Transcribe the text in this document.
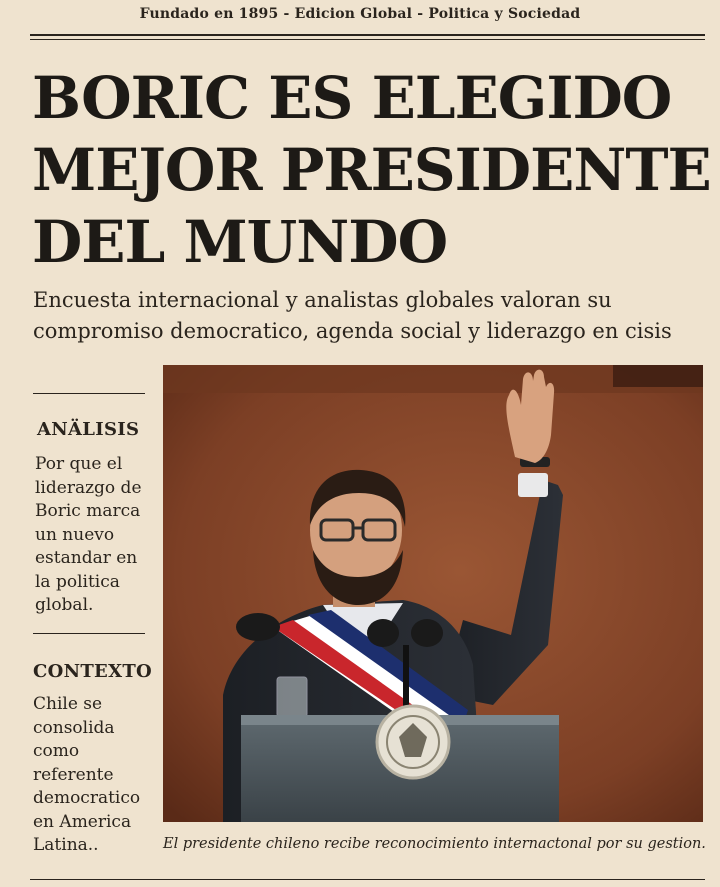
Fundado en 1895 - Edicion Global - Politica y Sociedad
BORIC ES ELEGIDO
MEJOR PRESIDENTE
DEL MUNDO

Encuesta internacional y analistas globales valoran su
compromiso democratico, agenda social y liderazgo en cisis

ANÄLISIS

Por que el
liderazgo de
Boric marca
un nuevo
estandar en
la politica
global.

CONTEXTO

Chile se
consolida
como
referente
democratico
en America
Latina..	El presidente chileno recibe reconocimiento internactonal por su gestion.
